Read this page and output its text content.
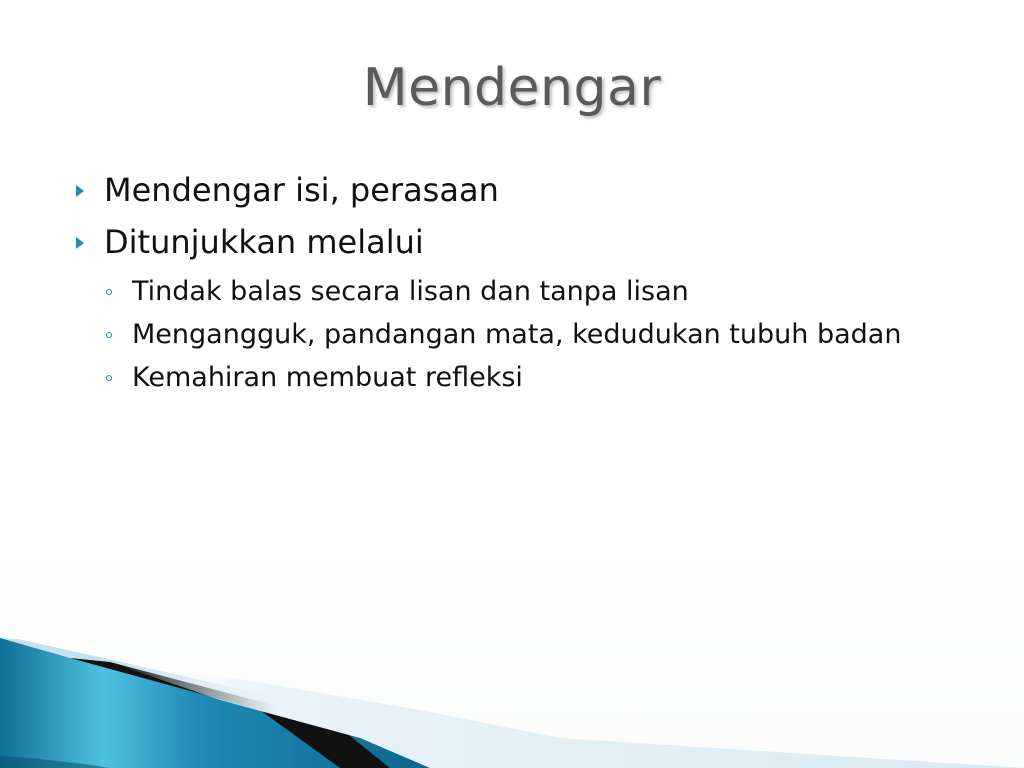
Mendengar
Mendengar isi, perasaan
Ditunjukkan melalui
Tindak balas secara lisan dan tanpa lisan
Mengangguk, pandangan mata, kedudukan tubuh badan
Kemahiran membuat refleksi
